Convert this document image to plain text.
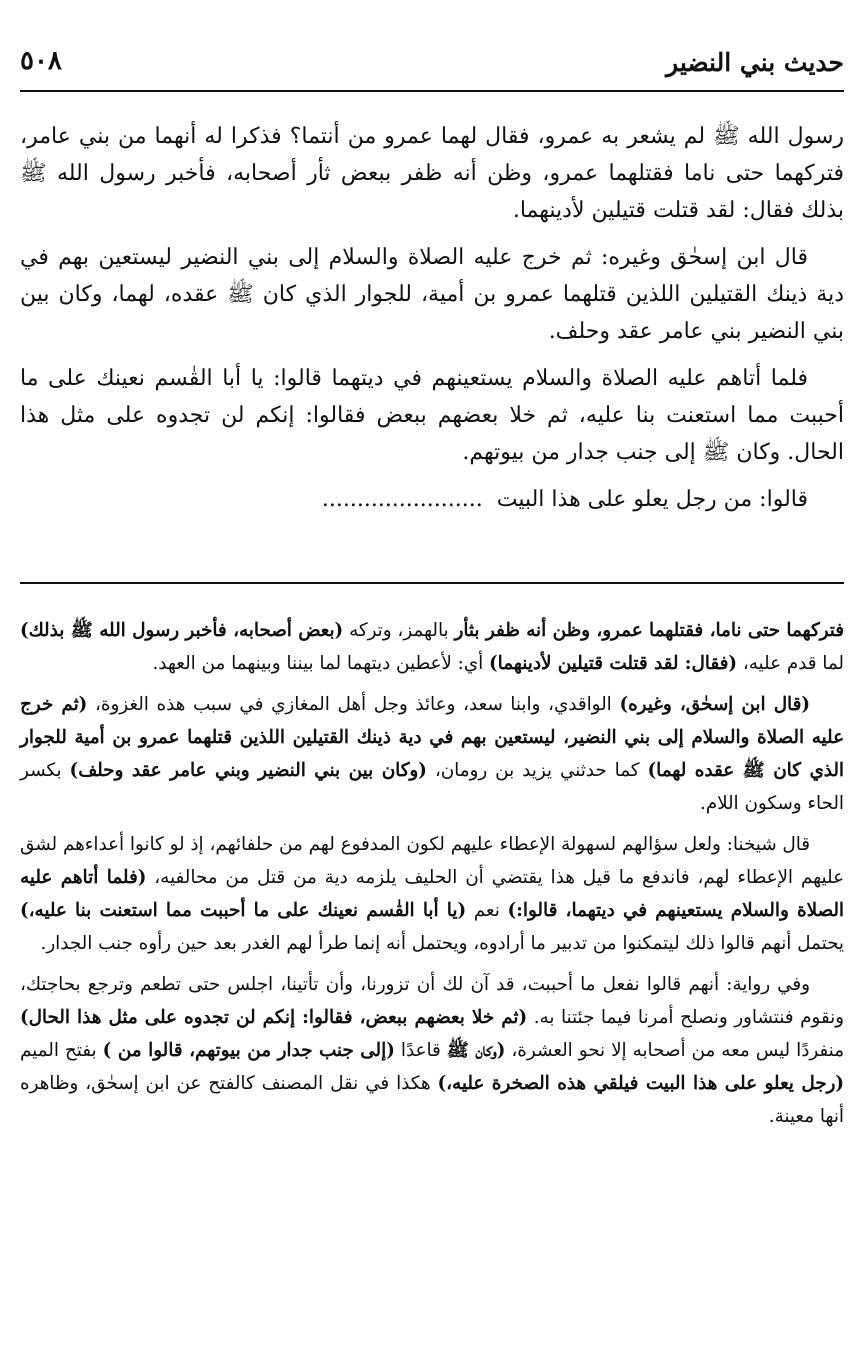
حديث بني النضير
٥٠٨

رسول الله ﷺ لم يشعر به عمرو، فقال لهما عمرو من أنتما؟ فذكرا له أنهما من بني عامر، فتركهما حتى ناما فقتلهما عمرو، وظن أنه ظفر ببعض ثأر أصحابه، فأخبر رسول الله ﷺ بذلك فقال: لقد قتلت قتيلين لأدينهما.

قال ابن إسحٰق وغيره: ثم خرج عليه الصلاة والسلام إلى بني النضير ليستعين بهم في دية ذينك القتيلين اللذين قتلهما عمرو بن أمية، للجوار الذي كان ﷺ عقده، لهما، وكان بين بني النضير بني عامر عقد وحلف.

فلما أتاهم عليه الصلاة والسلام يستعينهم في ديتهما قالوا: يا أبا القٰسم نعينك على ما أحببت مما استعنت بنا عليه، ثم خلا بعضهم ببعض فقالوا: إنكم لن تجدوه على مثل هذا الحال. وكان ﷺ إلى جنب جدار من بيوتهم.

قالوا: من رجل يعلو على هذا البيت  .......................

فتركهما حتى ناما، فقتلهما عمرو، وظن أنه ظفر بثأر بالهمز، وتركه (بعض أصحابه، فأخبر رسول الله ﷺ بذلك) لما قدم عليه، (فقال: لقد قتلت قتيلين لأدينهما) أي: لأعطين ديتهما لما بيننا وبينهما من العهد.

(قال ابن إسحٰق، وغيره) الواقدي، وابنا سعد، وعائذ وجل أهل المغازي في سبب هذه الغزوة، (ثم خرج عليه الصلاة والسلام إلى بني النضير، ليستعين بهم في دية ذينك القتيلين اللذين قتلهما عمرو بن أمية للجوار الذي كان ﷺ عقده لهما) كما حدثني يزيد بن رومان، (وكان بين بني النضير وبني عامر عقد وحلف) بكسر الحاء وسكون اللام.

قال شيخنا: ولعل سؤالهم لسهولة الإعطاء عليهم لكون المدفوع لهم من حلفائهم، إذ لو كانوا أعداءهم لشق عليهم الإعطاء لهم، فاندفع ما قيل هذا يقتضي أن الحليف يلزمه دية من قتل من محالفيه، (فلما أتاهم عليه الصلاة والسلام يستعينهم في ديتهما، قالوا:) نعم (يا أبا القٰسم نعينك على ما أحببت مما استعنت بنا عليه،) يحتمل أنهم قالوا ذلك ليتمكنوا من تدبير ما أرادوه، ويحتمل أنه إنما طرأ لهم الغدر بعد حين رأوه جنب الجدار.

وفي رواية: أنهم قالوا نفعل ما أحببت، قد آن لك أن تزورنا، وأن تأتينا، اجلس حتى تطعم وترجع بحاجتك، ونقوم فنتشاور ونصلح أمرنا فيما جئتنا به. (ثم خلا بعضهم ببعض، فقالوا: إنكم لن تجدوه على مثل هذا الحال) منفردًا ليس معه من أصحابه إلا نحو العشرة، (وكان ﷺ قاعدًا (إلى جنب جدار من بيوتهم، قالوا من ) بفتح الميم (رجل يعلو على هذا البيت فيلقي هذه الصخرة عليه،) هكذا في نقل المصنف كالفتح عن ابن إسحٰق، وظاهره أنها معينة.
